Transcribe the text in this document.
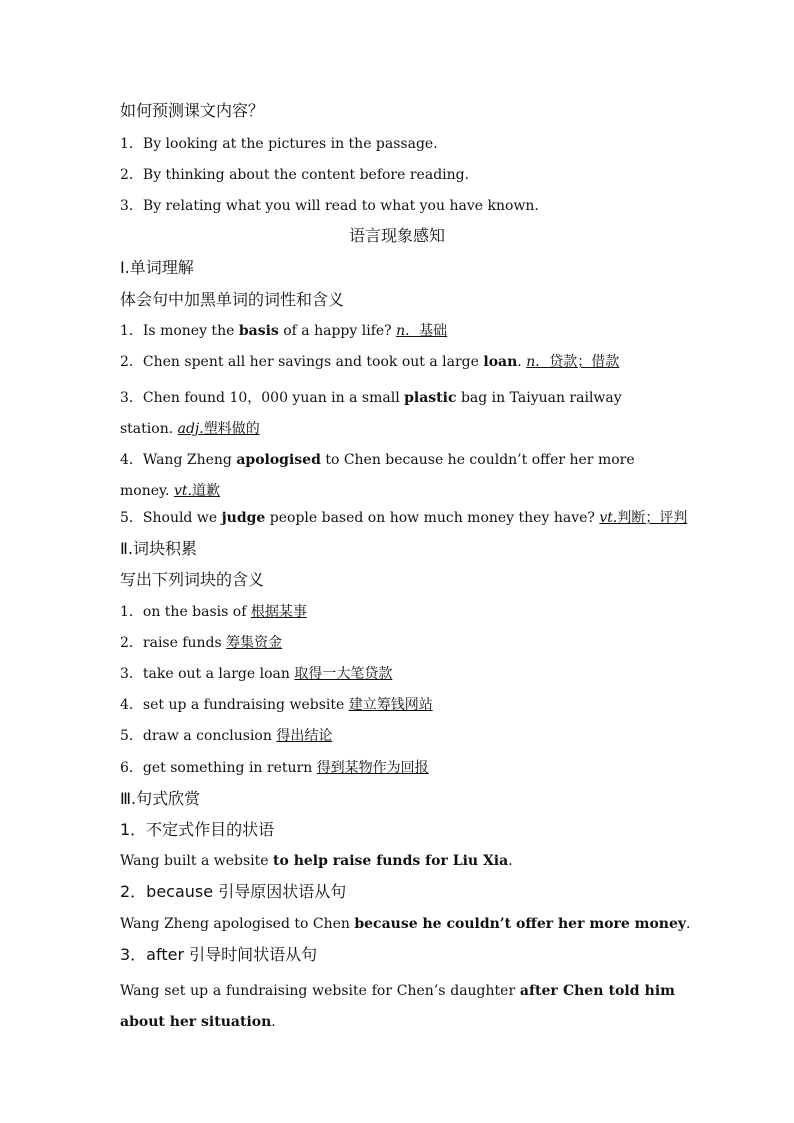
如何预测课文内容？
1．By looking at the pictures in the passage.
2．By thinking about the content before reading.
3．By relating what you will read to what you have known.
语言现象感知
Ⅰ.单词理解
体会句中加黑单词的词性和含义
1．Is money the basis of a happy life? n．基础
2．Chen spent all her savings and took out a large loan. n．贷款；借款
3．Chen found 10，000 yuan in a small plastic bag in Taiyuan railway station. adj.塑料做的
4．Wang Zheng apologised to Chen because he couldn’t offer her more money. vt.道歉
5．Should we judge people based on how much money they have? vt.判断；评判
Ⅱ.词块积累
写出下列词块的含义
1．on the basis of 根据某事
2．raise funds 筹集资金
3．take out a large loan 取得一大笔贷款
4．set up a fundraising website 建立筹钱网站
5．draw a conclusion 得出结论
6．get something in return 得到某物作为回报
Ⅲ.句式欣赏
1．不定式作目的状语
Wang built a website to help raise funds for Liu Xia.
2．because 引导原因状语从句
Wang Zheng apologised to Chen because he couldn’t offer her more money.
3．after 引导时间状语从句
Wang set up a fundraising website for Chen’s daughter after Chen told him about her situation.
